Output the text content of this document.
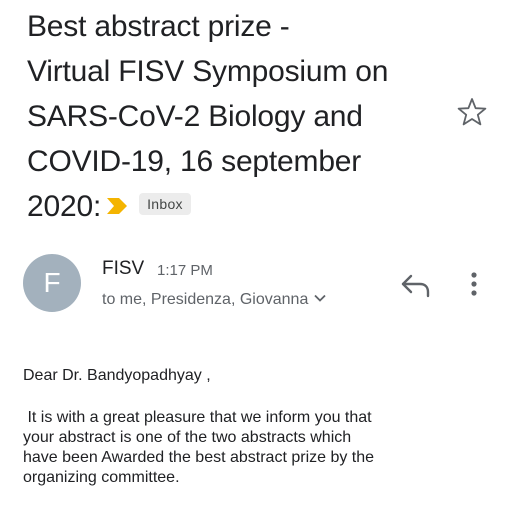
Best abstract prize -
Virtual FISV Symposium on
SARS-CoV-2 Biology and
COVID-19, 16 september
2020:	Inbox
F	FISV 1:17 PM
to me, Presidenza, Giovanna
Dear Dr. Bandyopadhyay ,
It is with a great pleasure that we inform you that
your abstract is one of the two abstracts which
have been Awarded the best abstract prize by the
organizing committee.
